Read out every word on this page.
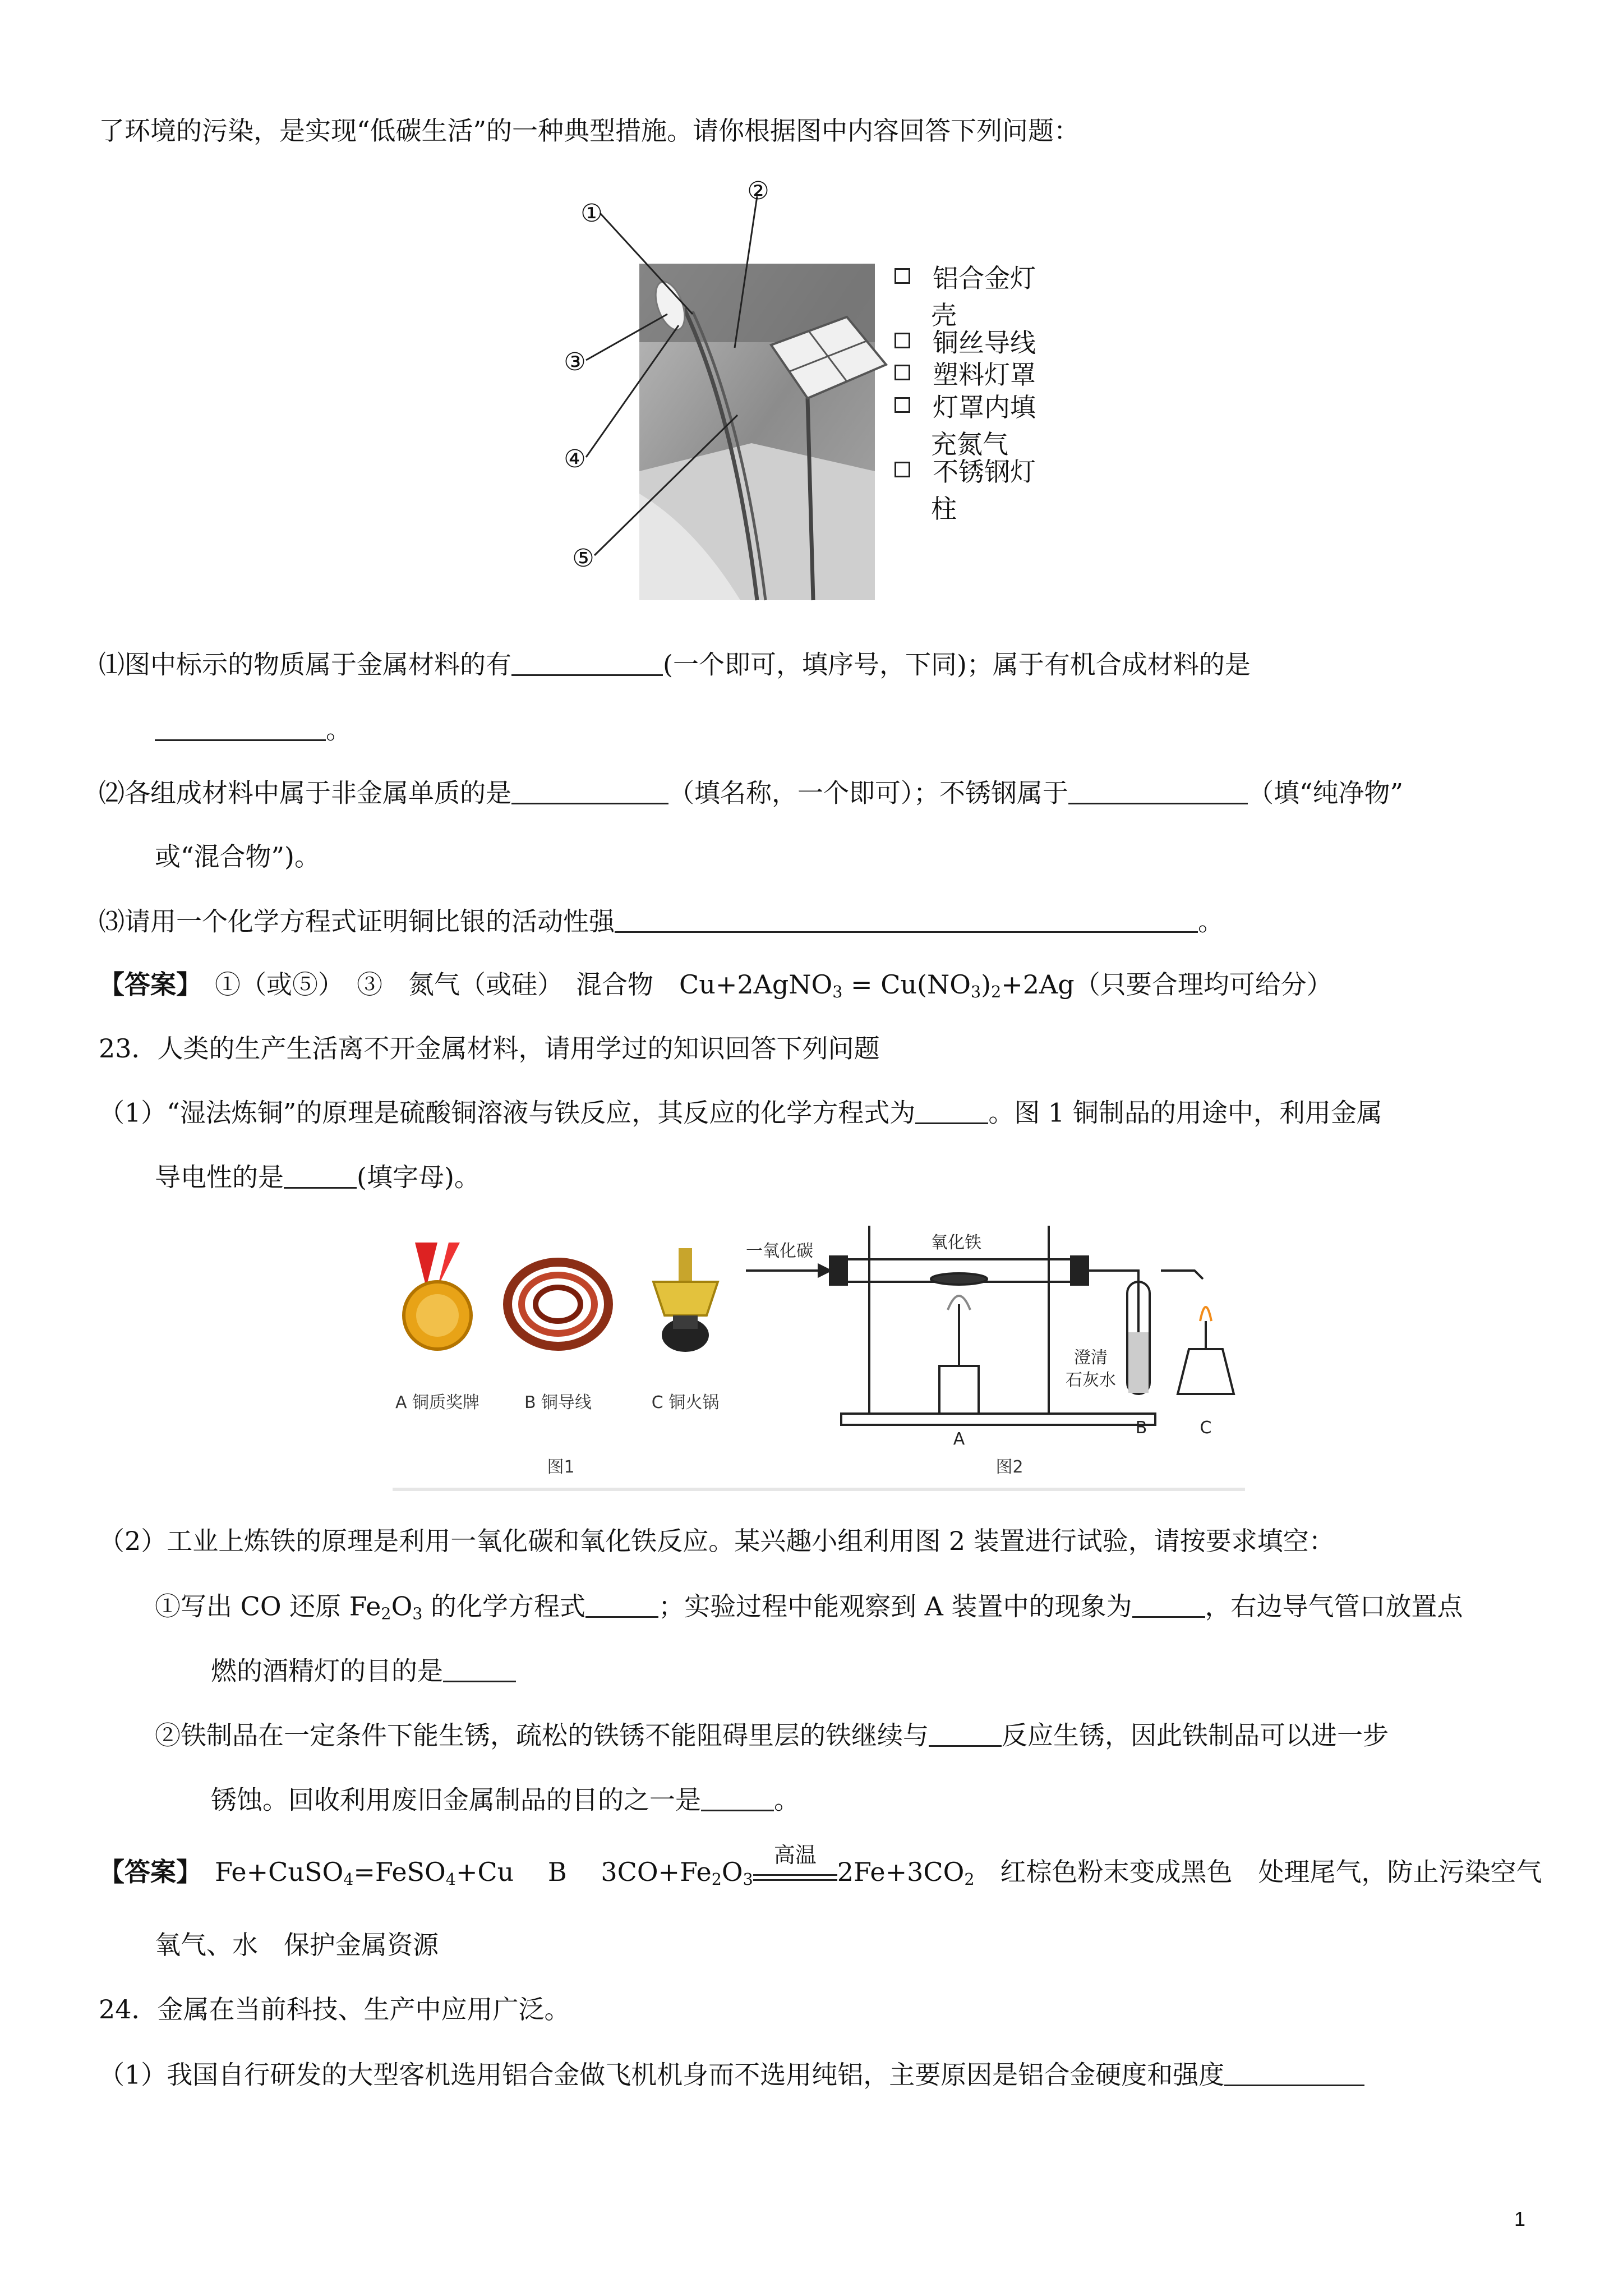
了环境的污染，是实现“低碳生活”的一种典型措施。请你根据图中内容回答下列问题：
①
②
③
④
⑤
铝合金灯
壳
铜丝导线
塑料灯罩
灯罩内填
充氮气
不锈钢灯
柱
⑴图中标示的物质属于金属材料的有	(一个即可，填序号，下同)；属于有机合成材料的是
。
⑵各组成材料中属于非金属单质的是	（填名称，一个即可）；不锈钢属于	（填“纯净物”
或“混合物”)。
⑶请用一个化学方程式证明铜比银的活动性强	。
【答案】　 ①（或⑤）　③　氮气（或硅）　混合物　Cu+2AgNO$_3$ = $Cu(NO_3)_2+2Ag$（只要合理均可给分）
23．人类的生产生活离不开金属材料，请用学过的知识回答下列问题
（1）“湿法炼铜”的原理是硫酸铜溶液与铁反应，其反应的化学方程式为	。图 1 铜制品的用途中，利用金属
导电性的是	(填字母)。
A 铜质奖牌	B 铜导线	C 铜火锅
图1
一氧化碳	氧化铁
澄清
石灰水
A
B	C
图2
（2）工业上炼铁的原理是利用一氧化碳和氧化铁反应。某兴趣小组利用图 2 装置进行试验，请按要求填空：
①写出 CO 还原 $Fe_2O_3$ 的化学方程式	；实验过程中能观察到 A 装置中的现象为	，右边导气管口放置点
燃的酒精灯的目的是
②铁制品在一定条件下能生锈，疏松的铁锈不能阻碍里层的铁继续与	反应生锈，因此铁制品可以进一步
锈蚀。回收利用废旧金属制品的目的之一是	。
【答案】　 Fe+CuSO$_4$=FeSO$_4$+Cu　 B　 $3CO+Fe_2O_3$
高温
$2Fe+3CO_2$　红棕色粉末变成黑色　处理尾气，防止污染空气
氧气、水　保护金属资源
24．金属在当前科技、生产中应用广泛。
（1）我国自行研发的大型客机选用铝合金做飞机机身而不选用纯铝，主要原因是铝合金硬度和强度
1
